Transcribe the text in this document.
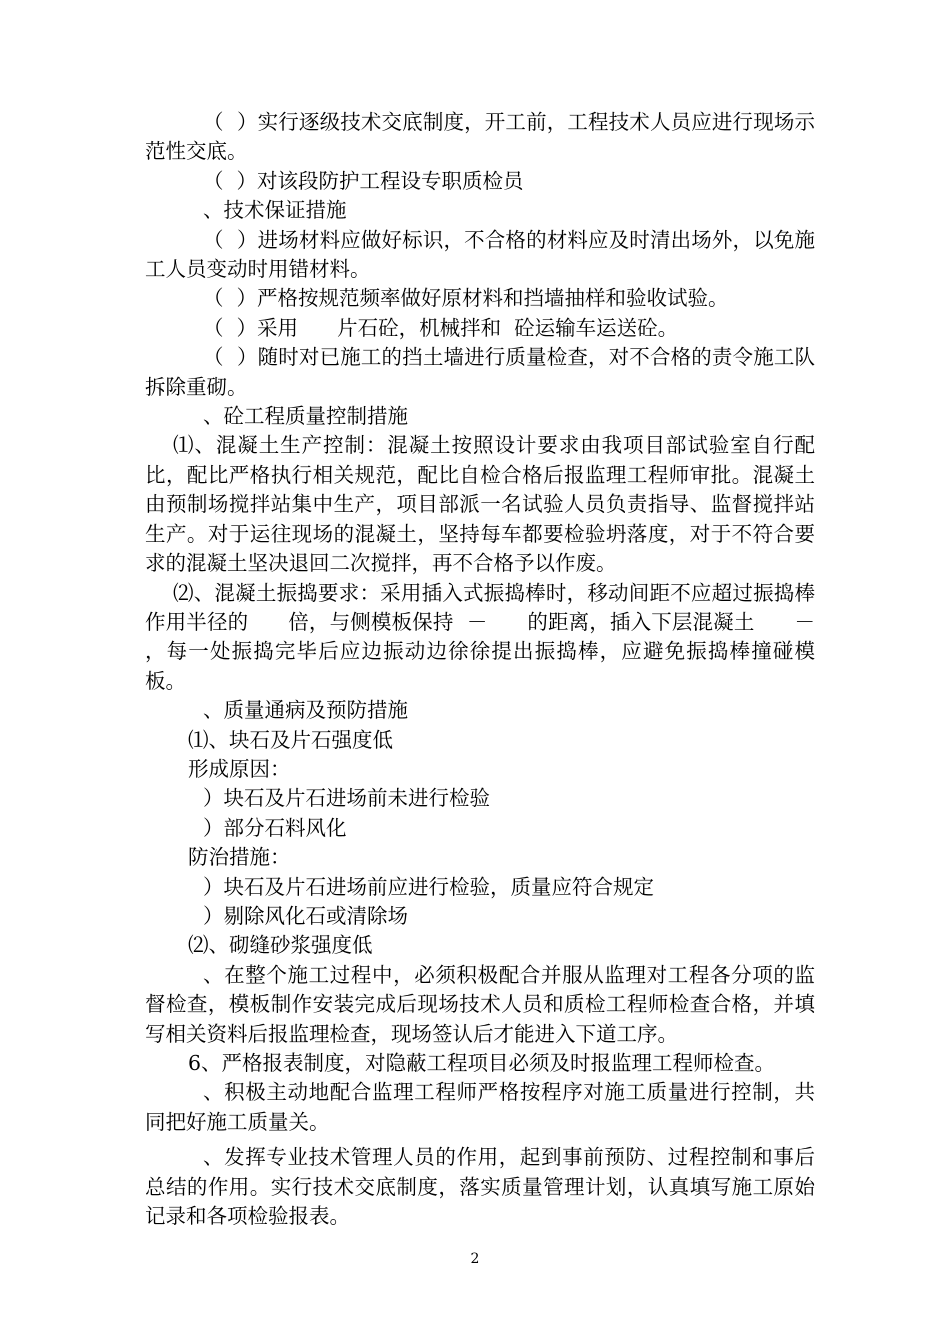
（  ）实行逐级技术交底制度，开工前，工程技术人员应进行现场示范性交底。

（  ）对该段防护工程设专职质检员

、技术保证措施

（  ）进场材料应做好标识，不合格的材料应及时清出场外，以免施工人员变动时用错材料。

（  ）严格按规范频率做好原材料和挡墙抽样和验收试验。

（  ）采用      片石砼，机械拌和  砼运输车运送砼。

（  ）随时对已施工的挡土墙进行质量检查，对不合格的责令施工队拆除重砌。

、砼工程质量控制措施

⑴、混凝土生产控制：混凝土按照设计要求由我项目部试验室自行配比，配比严格执行相关规范，配比自检合格后报监理工程师审批。混凝土由预制场搅拌站集中生产，项目部派一名试验人员负责指导、监督搅拌站生产。对于运往现场的混凝土，坚持每车都要检验坍落度，对于不符合要求的混凝土坚决退回二次搅拌，再不合格予以作废。

⑵、混凝土振捣要求：采用插入式振捣棒时，移动间距不应超过振捣棒作用半径的      倍，与侧模板保持  －      的距离，插入下层混凝土      －      ，每一处振捣完毕后应边振动边徐徐提出振捣棒，应避免振捣棒撞碰模板。

、质量通病及预防措施

⑴、块石及片石强度低

形成原因：

）块石及片石进场前未进行检验

）部分石料风化

防治措施：

）块石及片石进场前应进行检验，质量应符合规定

）剔除风化石或清除场

⑵、砌缝砂浆强度低

、在整个施工过程中，必须积极配合并服从监理对工程各分项的监督检查，模板制作安装完成后现场技术人员和质检工程师检查合格，并填写相关资料后报监理检查，现场签认后才能进入下道工序。

6、严格报表制度，对隐蔽工程项目必须及时报监理工程师检查。

、积极主动地配合监理工程师严格按程序对施工质量进行控制，共同把好施工质量关。

、发挥专业技术管理人员的作用，起到事前预防、过程控制和事后总结的作用。实行技术交底制度，落实质量管理计划，认真填写施工原始记录和各项检验报表。

2
